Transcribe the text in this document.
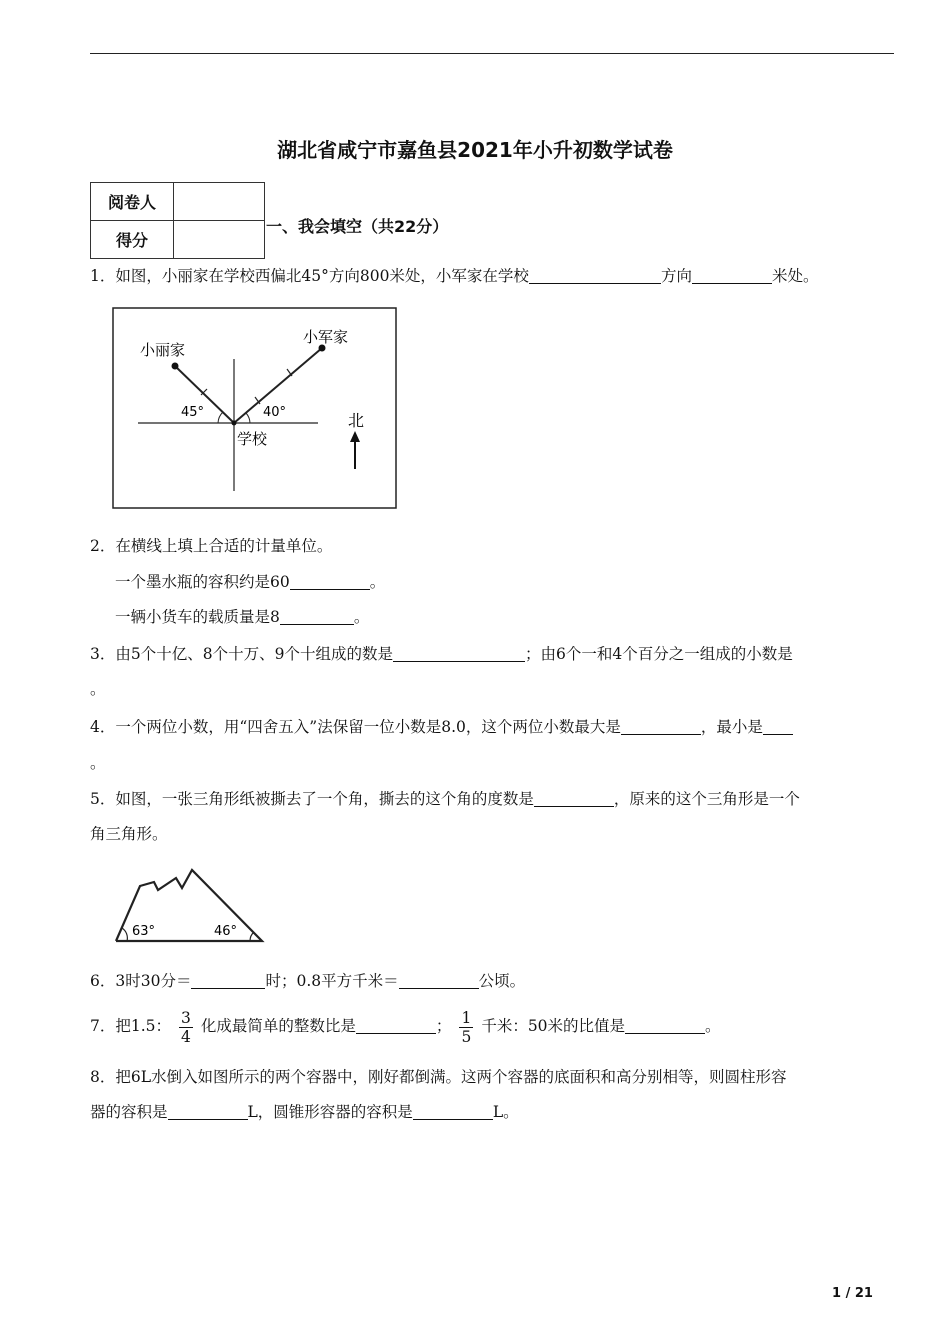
湖北省咸宁市嘉鱼县2021年小升初数学试卷
阅卷人	
得分	
一、我会填空（共22分）
1．如图，小丽家在学校西偏北45°方向800米处，小军家在学校	方向	米处。
45°	40°
小丽家
小军家
学校
北
2．在横线上填上合适的计量单位。
一个墨水瓶的容积约是60	。
一辆小货车的载质量是8	。
3．由5个十亿、8个十万、9个十组成的数是	；由6个一和4个百分之一组成的小数是
。
4．一个两位小数，用“四舍五入”法保留一位小数是8.0，这个两位小数最大是	，最小是
。
5．如图，一张三角形纸被撕去了一个角，撕去的这个角的度数是	，原来的这个三角形是一个
角三角形。
63°	46°
6．3时30分＝	时；0.8平方千米＝	公顷。
7．把1.5： $\frac{3}{4}$ 化成最简单的整数比是	； $\frac{1}{5}$ 千米：50米的比值是	。
8．把6L水倒入如图所示的两个容器中，刚好都倒满。这两个容器的底面积和高分别相等，则圆柱形容
器的容积是	L，圆锥形容器的容积是	L。
1 / 21
